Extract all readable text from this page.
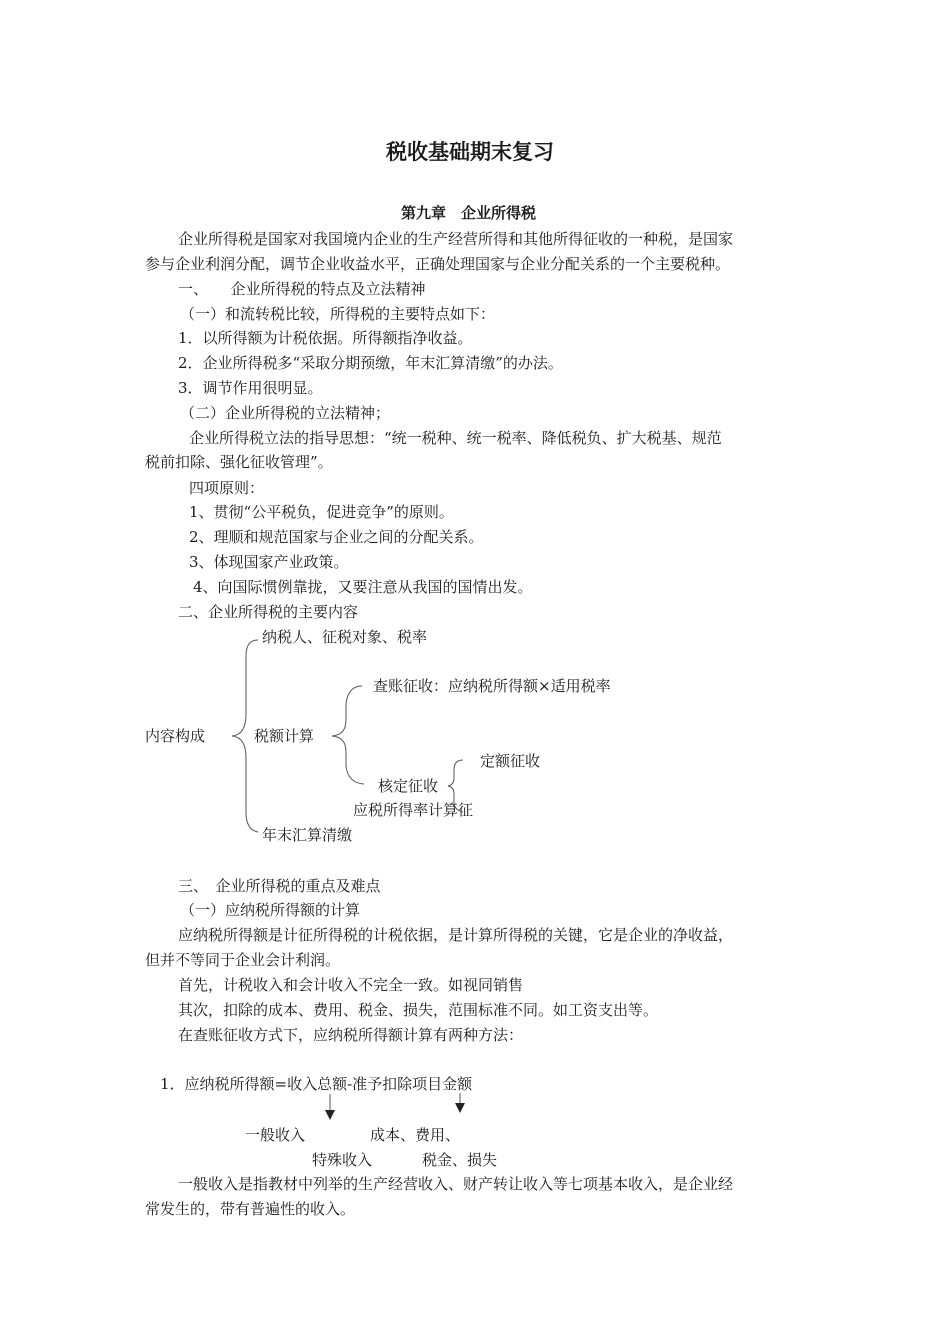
税收基础期末复习
第九章　企业所得税
企业所得税是国家对我国境内企业的生产经营所得和其他所得征收的一种税，是国家
参与企业利润分配，调节企业收益水平，正确处理国家与企业分配关系的一个主要税种。
一、　　企业所得税的特点及立法精神
（一）和流转税比较，所得税的主要特点如下：
1．以所得额为计税依据。所得额指净收益。
2．企业所得税多“采取分期预缴，年末汇算清缴”的办法。
3．调节作用很明显。
（二）企业所得税的立法精神；
企业所得税立法的指导思想：“统一税种、统一税率、降低税负、扩大税基、规范
税前扣除、强化征收管理”。
四项原则：
1、贯彻“公平税负，促进竞争”的原则。
2、理顺和规范国家与企业之间的分配关系。
3、体现国家产业政策。
4、向国际惯例靠拢，又要注意从我国的国情出发。
二、企业所得税的主要内容
内容构成
纳税人、征税对象、税率
税额计算
年末汇算清缴
查账征收：应纳税所得额×适用税率
核定征收
定额征收
应税所得率计算征
三、　企业所得税的重点及难点
（一）应纳税所得额的计算
应纳税所得额是计征所得税的计税依据，是计算所得税的关键，它是企业的净收益，
但并不等同于企业会计利润。
首先，计税收入和会计收入不完全一致。如视同销售
其次，扣除的成本、费用、税金、损失，范围标准不同。如工资支出等。
在查账征收方式下，应纳税所得额计算有两种方法：
1．应纳税所得额=收入总额-准予扣除项目金额
一般收入
特殊收入
成本、费用、
税金、损失
一般收入是指教材中列举的生产经营收入、财产转让收入等七项基本收入，是企业经
常发生的，带有普遍性的收入。
